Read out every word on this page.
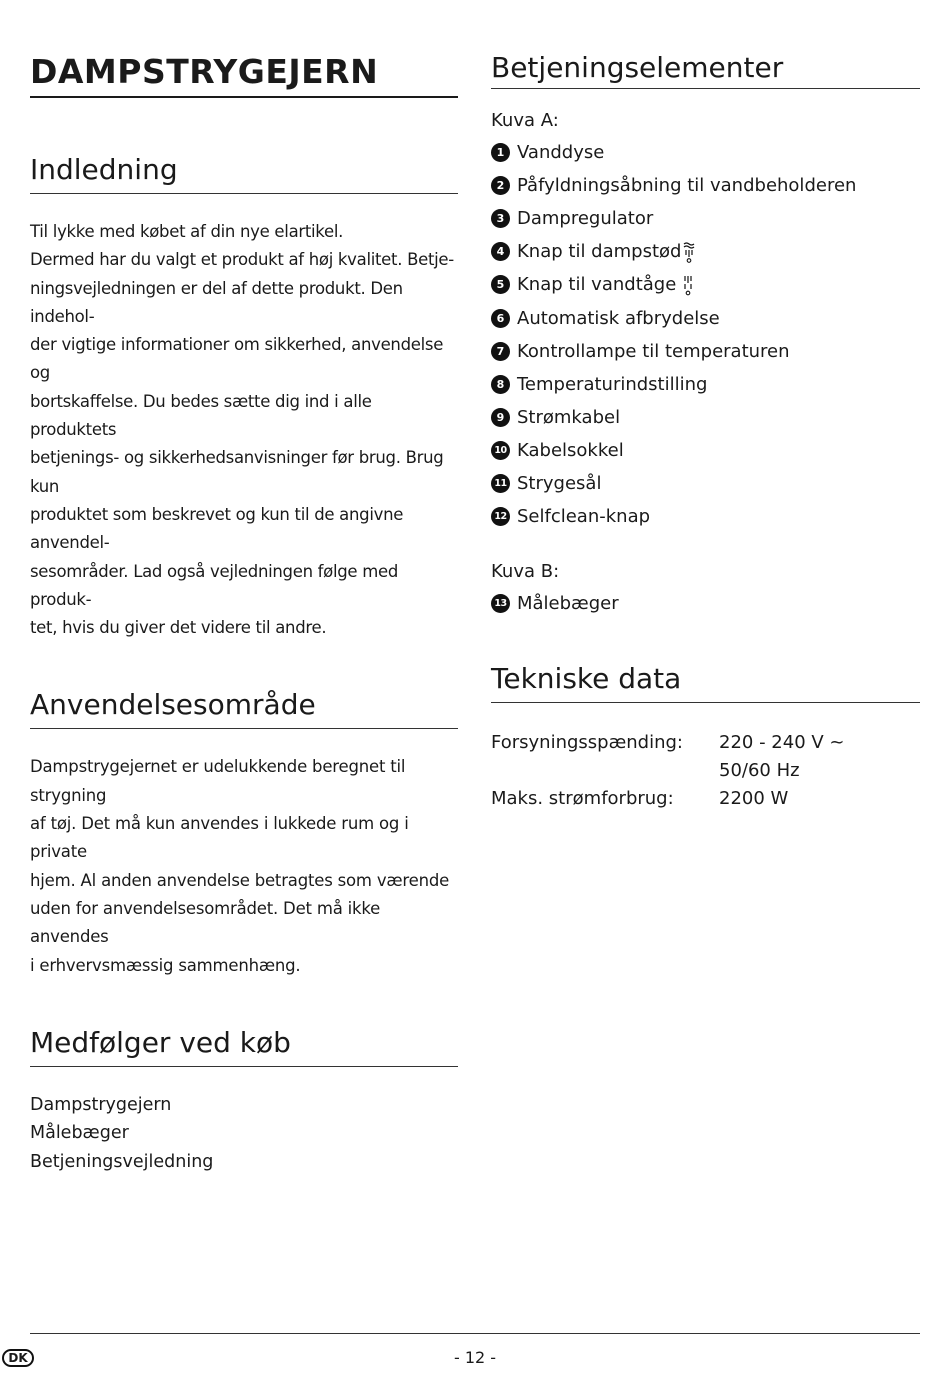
DAMPSTRYGEJERN
Indledning
Til lykke med købet af din nye elartikel.
Dermed har du valgt et produkt af høj kvalitet. Betje-
ningsvejledningen er del af dette produkt. Den indehol-
der vigtige informationer om sikkerhed, anvendelse og
bortskaffelse. Du bedes sætte dig ind i alle produktets
betjenings- og sikkerhedsanvisninger før brug. Brug kun
produktet som beskrevet og kun til de angivne anvendel-
sesområder. Lad også vejledningen følge med produk-
tet, hvis du giver det videre til andre.
Anvendelsesområde
Dampstrygejernet er udelukkende beregnet til strygning
af tøj. Det må kun anvendes i lukkede rum og i private
hjem. Al anden anvendelse betragtes som værende
uden for anvendelsesområdet. Det må ikke anvendes
i erhvervsmæssig sammenhæng.
Medfølger ved køb
Dampstrygejern
Målebæger
Betjeningsvejledning
Betjeningselementer
Kuva A:
1 Vanddyse
2 Påfyldningsåbning til vandbeholderen
3 Dampregulator
4 Knap til dampstød
5 Knap til vandtåge
6 Automatisk afbrydelse
7 Kontrollampe til temperaturen
8 Temperaturindstilling
9 Strømkabel
10 Kabelsokkel
11 Strygesål
12 Selfclean-knap
Kuva B:
13 Målebæger
Tekniske data
Forsyningsspænding:	220 - 240 V ~
50/60 Hz
Maks. strømforbrug:	2200 W
DK	- 12 -
